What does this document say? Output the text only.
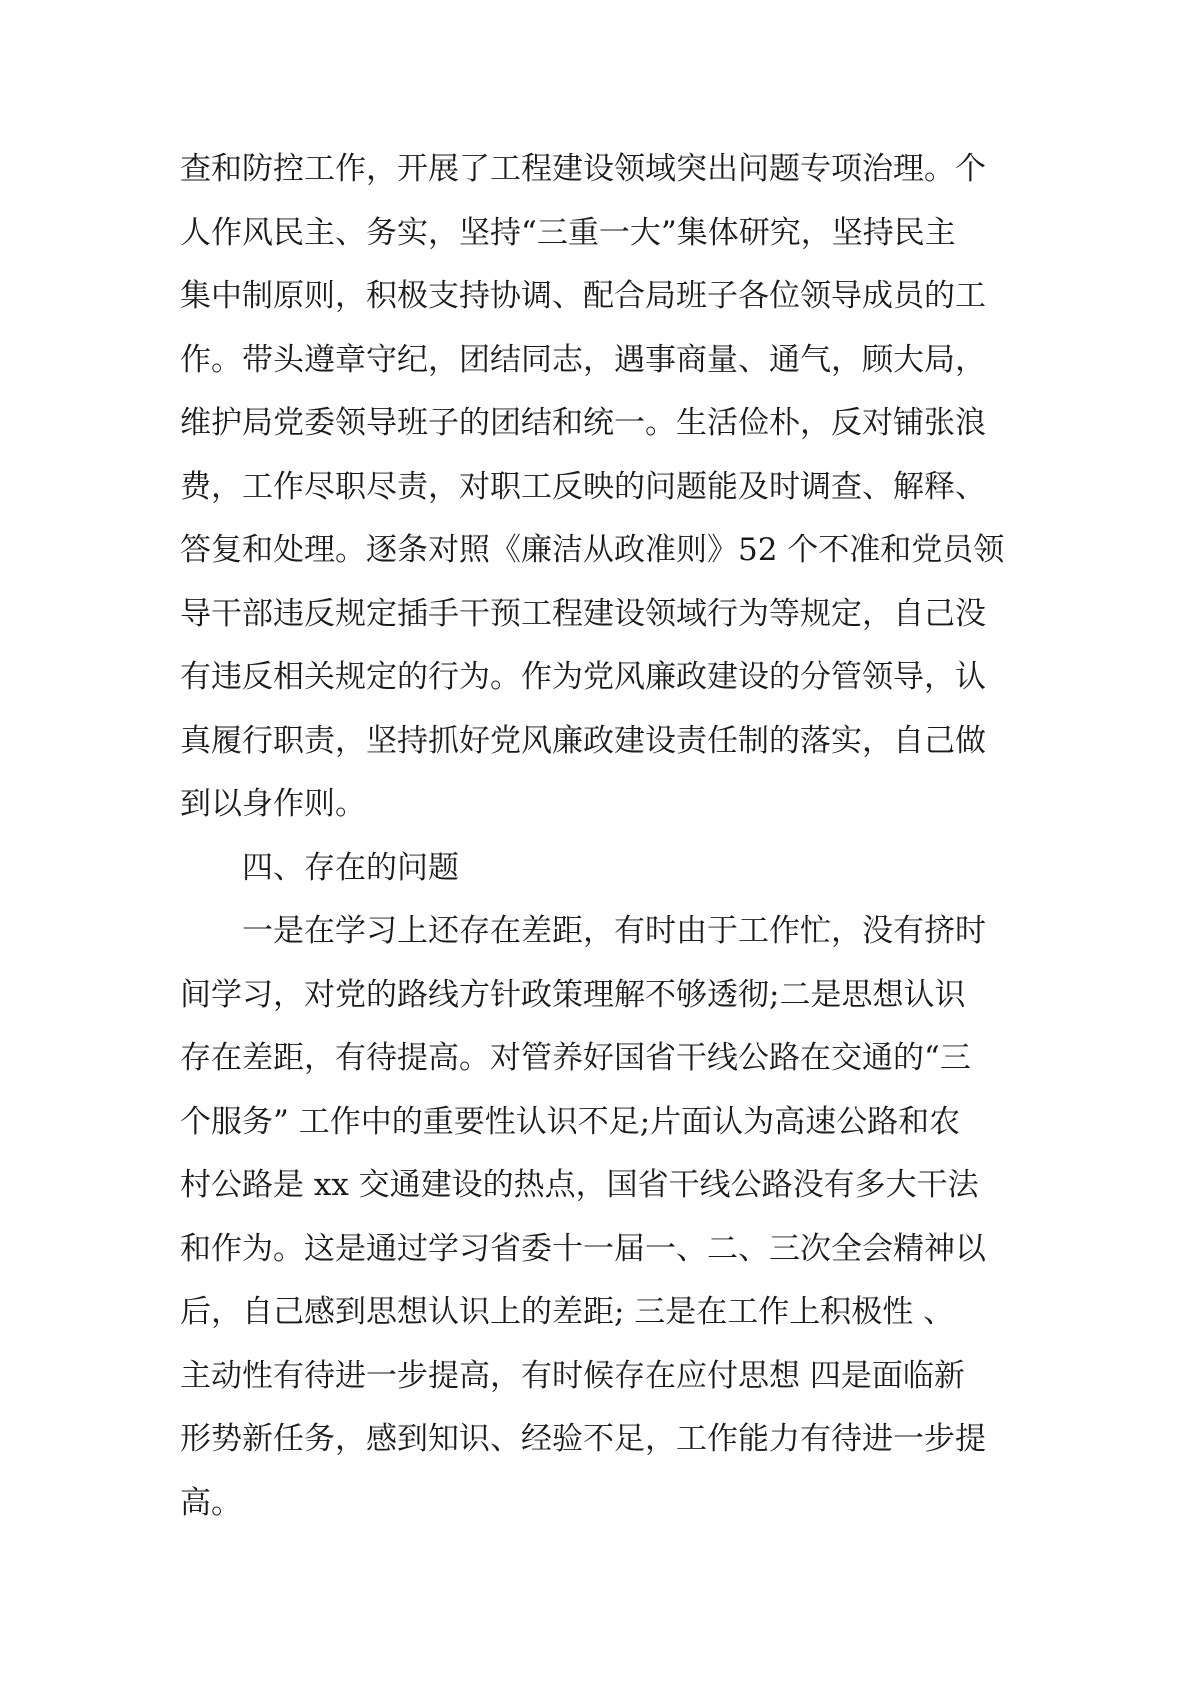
查和防控工作，开展了工程建设领域突出问题专项治理。个
人作风民主、务实，坚持“三重一大”集体研究，坚持民主
集中制原则，积极支持协调、配合局班子各位领导成员的工
作。带头遵章守纪，团结同志，遇事商量、通气，顾大局，
维护局党委领导班子的团结和统一。生活俭朴，反对铺张浪
费，工作尽职尽责，对职工反映的问题能及时调查、解释、
答复和处理。逐条对照《廉洁从政准则》52 个不准和党员领
导干部违反规定插手干预工程建设领域行为等规定，自己没
有违反相关规定的行为。作为党风廉政建设的分管领导，认
真履行职责，坚持抓好党风廉政建设责任制的落实，自己做
到以身作则。
　　四、存在的问题
　　一是在学习上还存在差距，有时由于工作忙，没有挤时
间学习，对党的路线方针政策理解不够透彻;二是思想认识
存在差距，有待提高。对管养好国省干线公路在交通的“三
个服务” 工作中的重要性认识不足;片面认为高速公路和农
村公路是 xx 交通建设的热点，国省干线公路没有多大干法
和作为。这是通过学习省委十一届一、二、三次全会精神以
后，自己感到思想认识上的差距; 三是在工作上积极性 、
主动性有待进一步提高，有时候存在应付思想 四是面临新
形势新任务，感到知识、经验不足，工作能力有待进一步提
高。
